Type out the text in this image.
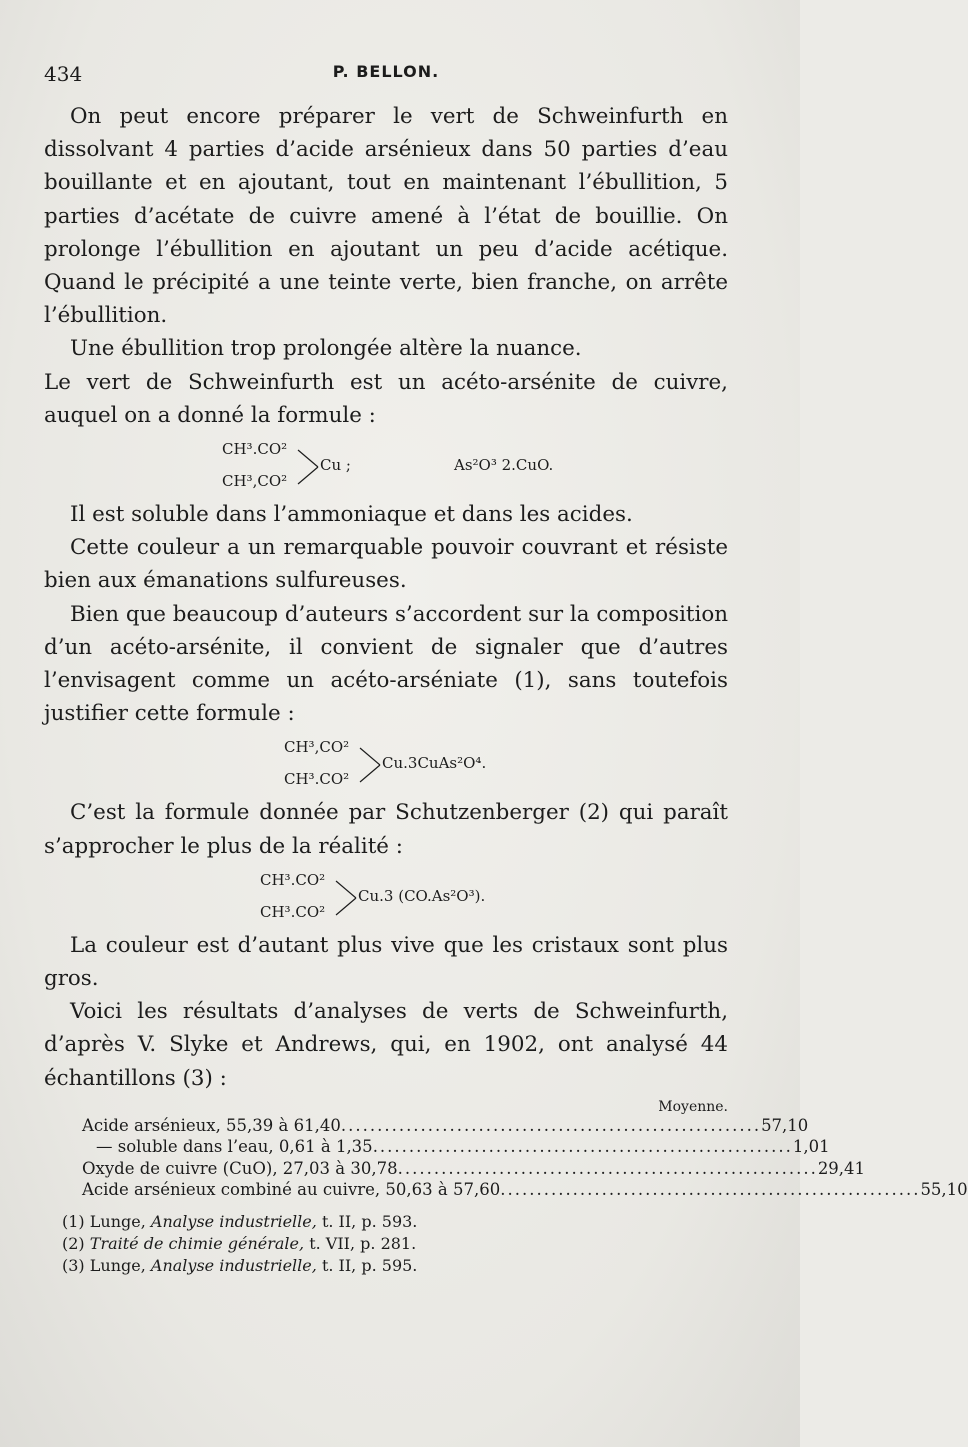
434	P. BELLON.

On peut encore préparer le vert de Schweinfurth en dissolvant 4 parties d’acide arsénieux dans 50 parties d’eau bouillante et en ajoutant, tout en maintenant l’ébullition, 5 parties d’acétate de cuivre amené à l’état de bouillie. On prolonge l’ébullition en ajoutant un peu d’acide acétique. Quand le précipité a une teinte verte, bien franche, on arrête l’ébullition.

Une ébullition trop prolongée altère la nuance.

Le vert de Schweinfurth est un acéto-arsénite de cuivre, auquel on a donné la formule :

CH³.CO²
CH³,CO²
Cu ;	As²O³ 2.CuO.

Il est soluble dans l’ammoniaque et dans les acides.

Cette couleur a un remarquable pouvoir couvrant et résiste bien aux émanations sulfureuses.

Bien que beaucoup d’auteurs s’accordent sur la composition d’un acéto-arsénite, il convient de signaler que d’autres l’envisagent comme un acéto-arséniate (1), sans toutefois justifier cette formule :

CH³,CO²
CH³.CO²
Cu.3CuAs²O⁴.

C’est la formule donnée par Schutzenberger (2) qui paraît s’approcher le plus de la réalité :

CH³.CO²
CH³.CO²
Cu.3 (CO.As²O³).

La couleur est d’autant plus vive que les cristaux sont plus gros.

Voici les résultats d’analyses de verts de Schweinfurth, d’après V. Slyke et Andrews, qui, en 1902, ont analysé 44 échantillons (3) :

Moyenne.
Acide arsénieux, 55,39 à 61,40 .......................................................... 57,10
— soluble dans l’eau, 0,61 à 1,35 .......................................................... 1,01
Oxyde de cuivre (CuO), 27,03 à 30,78 .......................................................... 29,41
Acide arsénieux combiné au cuivre, 50,63 à 57,60 .......................................................... 55,10
(1) Lunge, Analyse industrielle, t. II, p. 593.
(2) Traité de chimie générale, t. VII, p. 281.
(3) Lunge, Analyse industrielle, t. II, p. 595.
